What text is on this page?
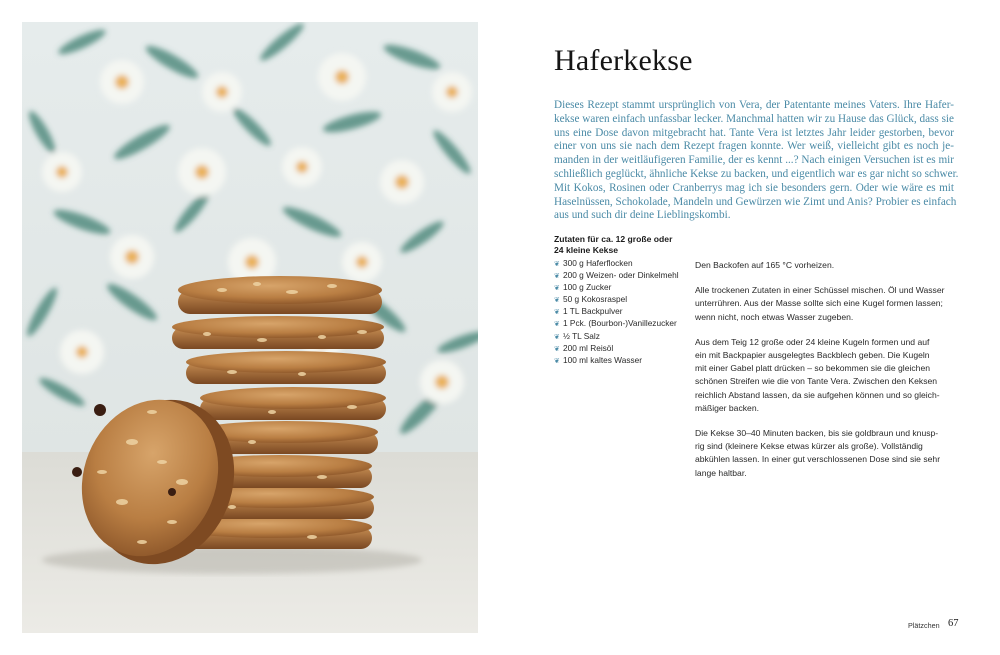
Haferkekse
Dieses Rezept stammt ursprünglich von Vera, der Patentante meines Vaters. Ihre Hafer-
kekse waren einfach unfassbar lecker. Manchmal hatten wir zu Hause das Glück, dass sie
uns eine Dose davon mitgebracht hat. Tante Vera ist letztes Jahr leider gestorben, bevor
einer von uns sie nach dem Rezept fragen konnte. Wer weiß, vielleicht gibt es noch je-
manden in der weitläufigeren Familie, der es kennt ...? Nach einigen Versuchen ist es mir
schließlich geglückt, ähnliche Kekse zu backen, und eigentlich war es gar nicht so schwer.
Mit Kokos, Rosinen oder Cranberrys mag ich sie besonders gern. Oder wie wäre es mit
Haselnüssen, Schokolade, Mandeln und Gewürzen wie Zimt und Anis? Probier es einfach
aus und such dir deine Lieblingskombi.
Zutaten für ca. 12 große oder
24 kleine Kekse
❦ 300 g Haferflocken
❦ 200 g Weizen- oder Dinkelmehl
❦ 100 g Zucker
❦ 50 g Kokosraspel
❦ 1 TL Backpulver
❦ 1 Pck. (Bourbon-)Vanillezucker
❦ ½ TL Salz
❦ 200 ml Reisöl
❦ 100 ml kaltes Wasser

Den Backofen auf 165 °C vorheizen.

Alle trockenen Zutaten in einer Schüssel mischen. Öl und Wasser
unterrühren. Aus der Masse sollte sich eine Kugel formen lassen;
wenn nicht, noch etwas Wasser zugeben.

Aus dem Teig 12 große oder 24 kleine Kugeln formen und auf
ein mit Backpapier ausgelegtes Backblech geben. Die Kugeln
mit einer Gabel platt drücken – so bekommen sie die gleichen
schönen Streifen wie die von Tante Vera. Zwischen den Keksen
reichlich Abstand lassen, da sie aufgehen können und so gleich-
mäßiger backen.

Die Kekse 30–40 Minuten backen, bis sie goldbraun und knusp-
rig sind (kleinere Kekse etwas kürzer als große). Vollständig
abkühlen lassen. In einer gut verschlossenen Dose sind sie sehr
lange haltbar.

Plätzchen 67
